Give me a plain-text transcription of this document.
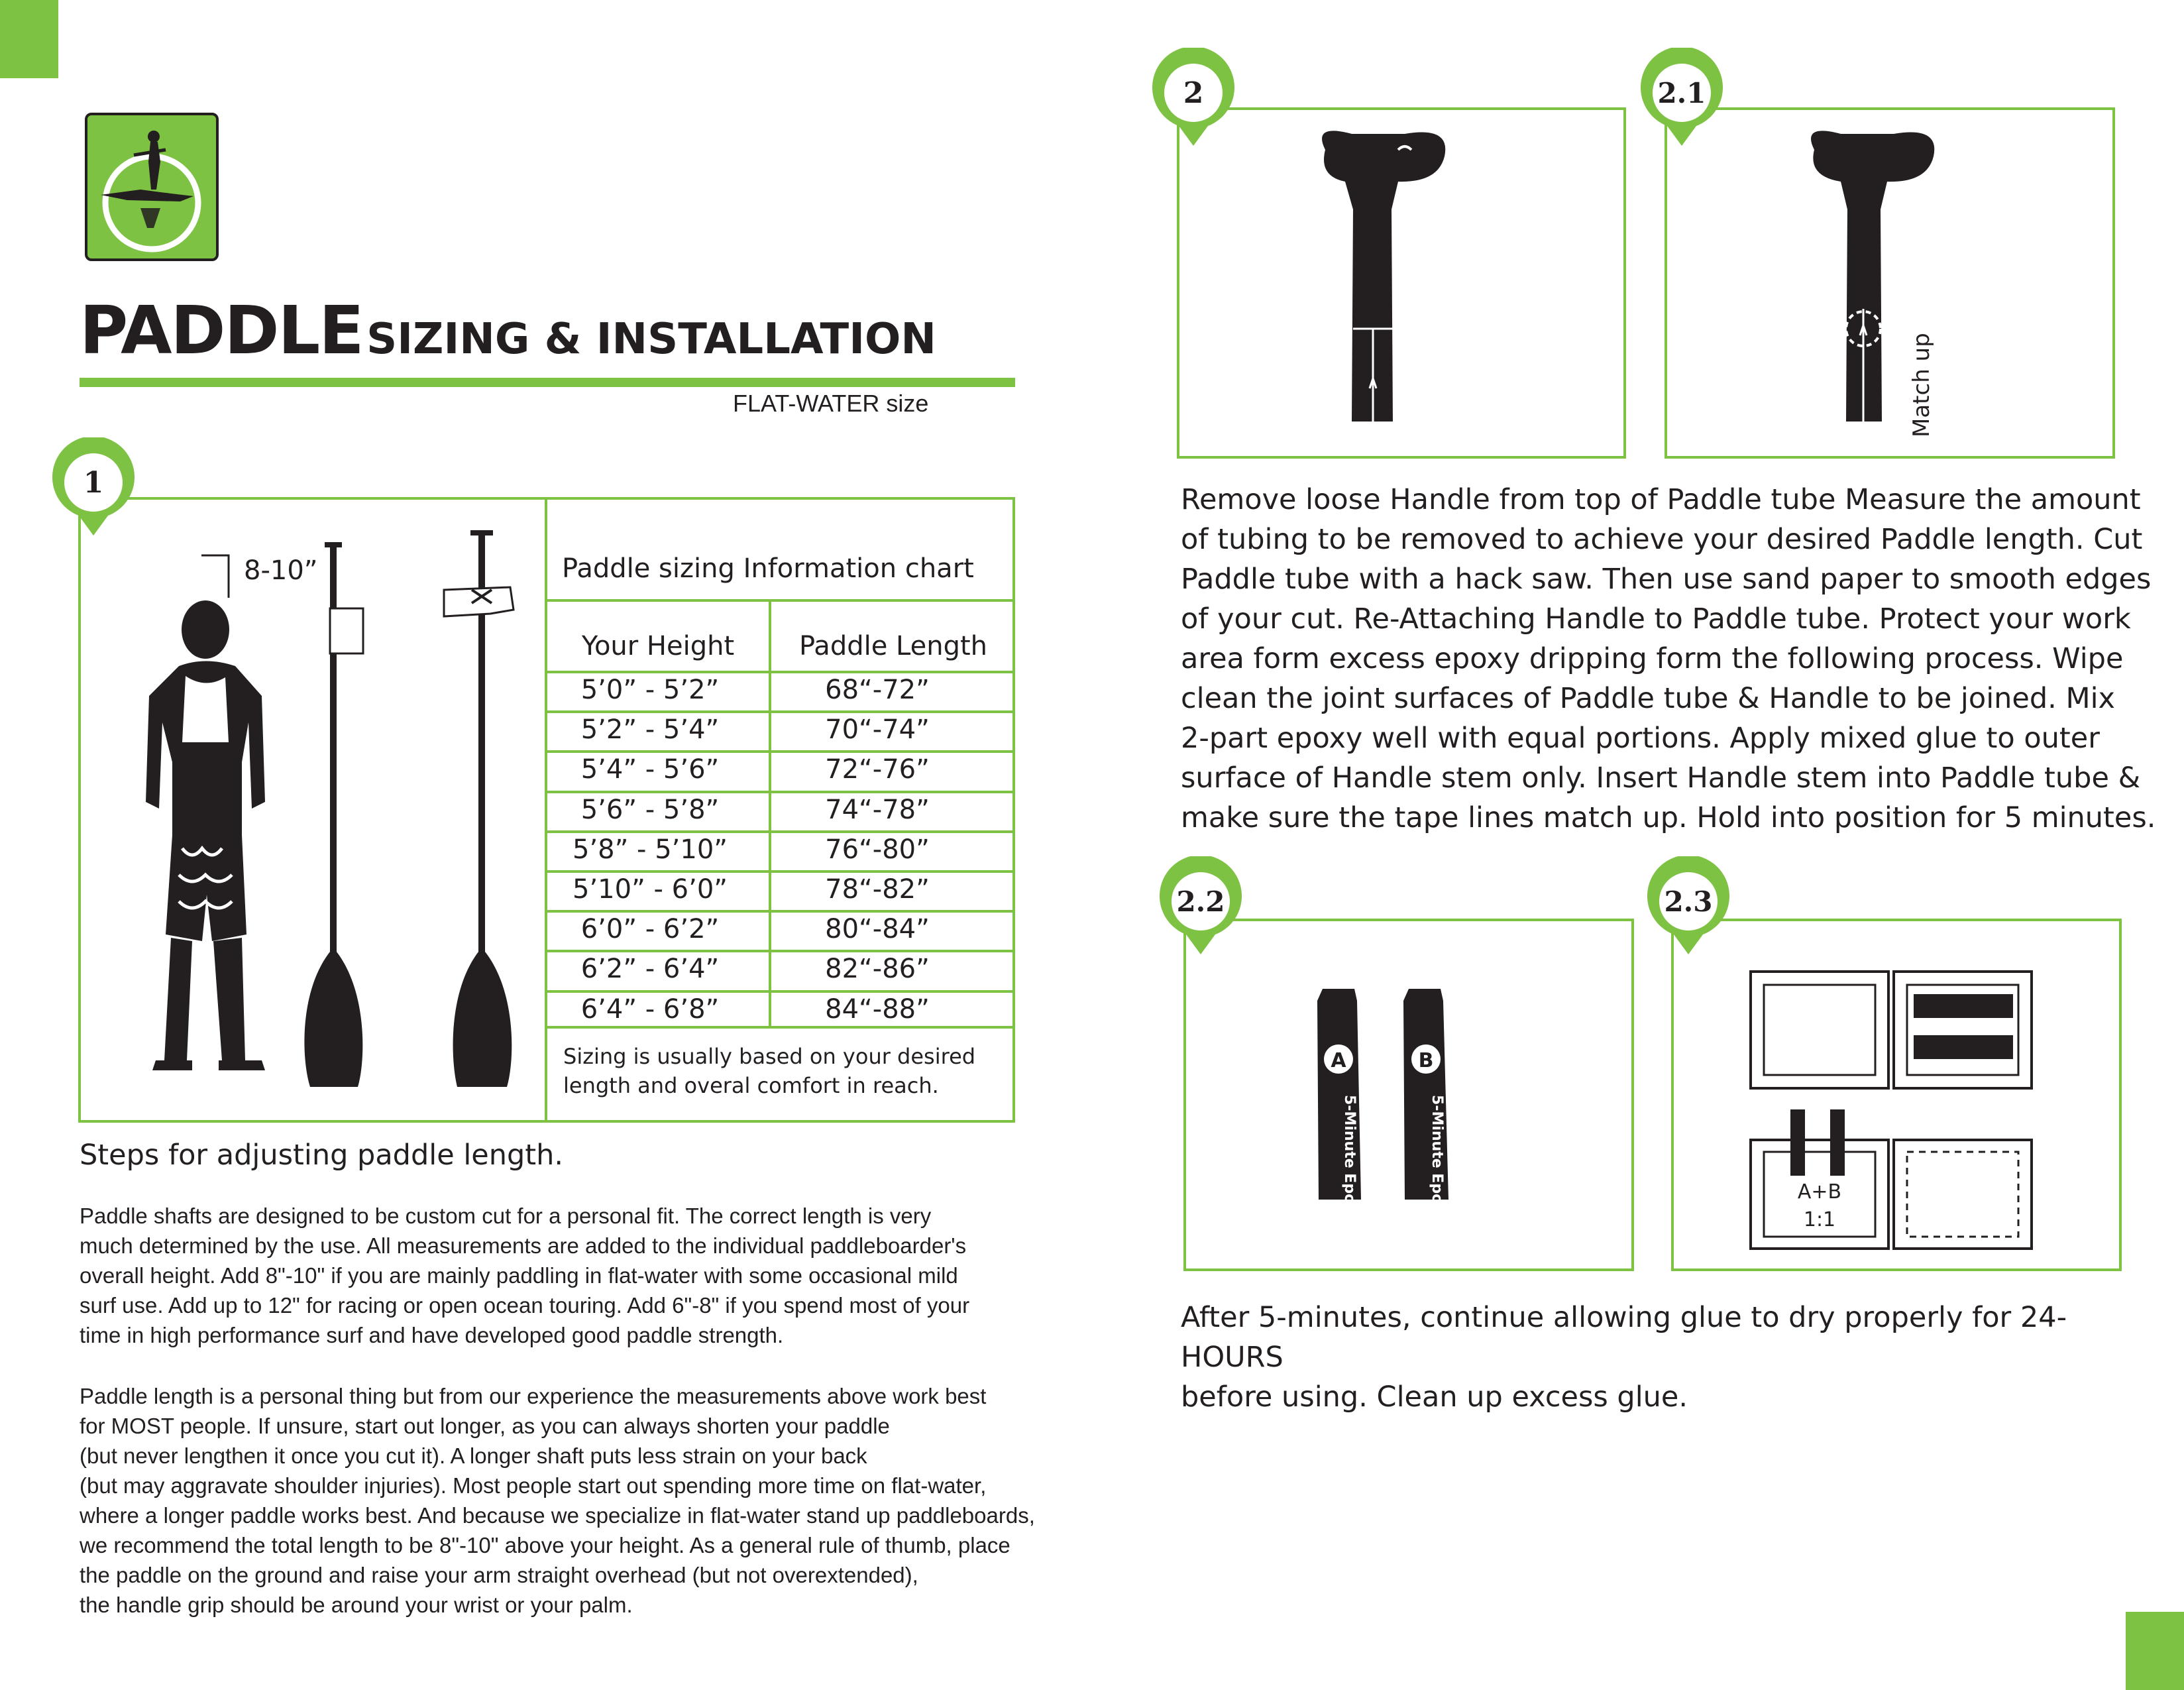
PADDLE SIZING & INSTALLATION
FLAT-WATER size
1
8-10”	Paddle sizing Information chart
Your Height	Paddle Length
5’0” - 5’2”	68“-72”
5’2” - 5’4”	70“-74”
5’4” - 5’6”	72“-76”
5’6” - 5’8”	74“-78”
5’8” - 5’10”	76“-80”
5’10” - 6’0”	78“-82”
6’0” - 6’2”	80“-84”
6’2” - 6’4”	82“-86”
6’4” - 6’8”	84“-88”
Sizing is usually based on your desired length and overal comfort in reach.
Steps for adjusting paddle length.
Paddle shafts are designed to be custom cut for a personal fit. The correct length is very
much determined by the use. All measurements are added to the individual paddleboarder's
overall height. Add 8"-10" if you are mainly paddling in flat-water with some occasional mild
surf use. Add up to 12" for racing or open ocean touring. Add 6"-8" if you spend most of your
time in high performance surf and have developed good paddle strength.
Paddle length is a personal thing but from our experience the measurements above work best
for MOST people. If unsure, start out longer, as you can always shorten your paddle
(but never lengthen it once you cut it). A longer shaft puts less strain on your back
(but may aggravate shoulder injuries). Most people start out spending more time on flat-water,
where a longer paddle works best. And because we specialize in flat-water stand up paddleboards,
we recommend the total length to be 8"-10" above your height. As a general rule of thumb, place
the paddle on the ground and raise your arm straight overhead (but not overextended),
the handle grip should be around your wrist or your palm.
2
Match up
2.1
Remove loose Handle from top of Paddle tube Measure the amount
of tubing to be removed to achieve your desired Paddle length. Cut
Paddle tube with a hack saw. Then use sand paper to smooth edges
of your cut. Re-Attaching Handle to Paddle tube. Protect your work
area form excess epoxy dripping form the following process. Wipe
clean the joint surfaces of Paddle tube & Handle to be joined. Mix
2-part epoxy well with equal portions. Apply mixed glue to outer
surface of Handle stem only. Insert Handle stem into Paddle tube &
make sure the tape lines match up. Hold into position for 5 minutes.
A	B
5-Minute Epoxy	5-Minute Epoxy
2.2
A+B
1:1
2.3
After 5-minutes, continue allowing glue to dry properly for 24-HOURS
before using. Clean up excess glue.
